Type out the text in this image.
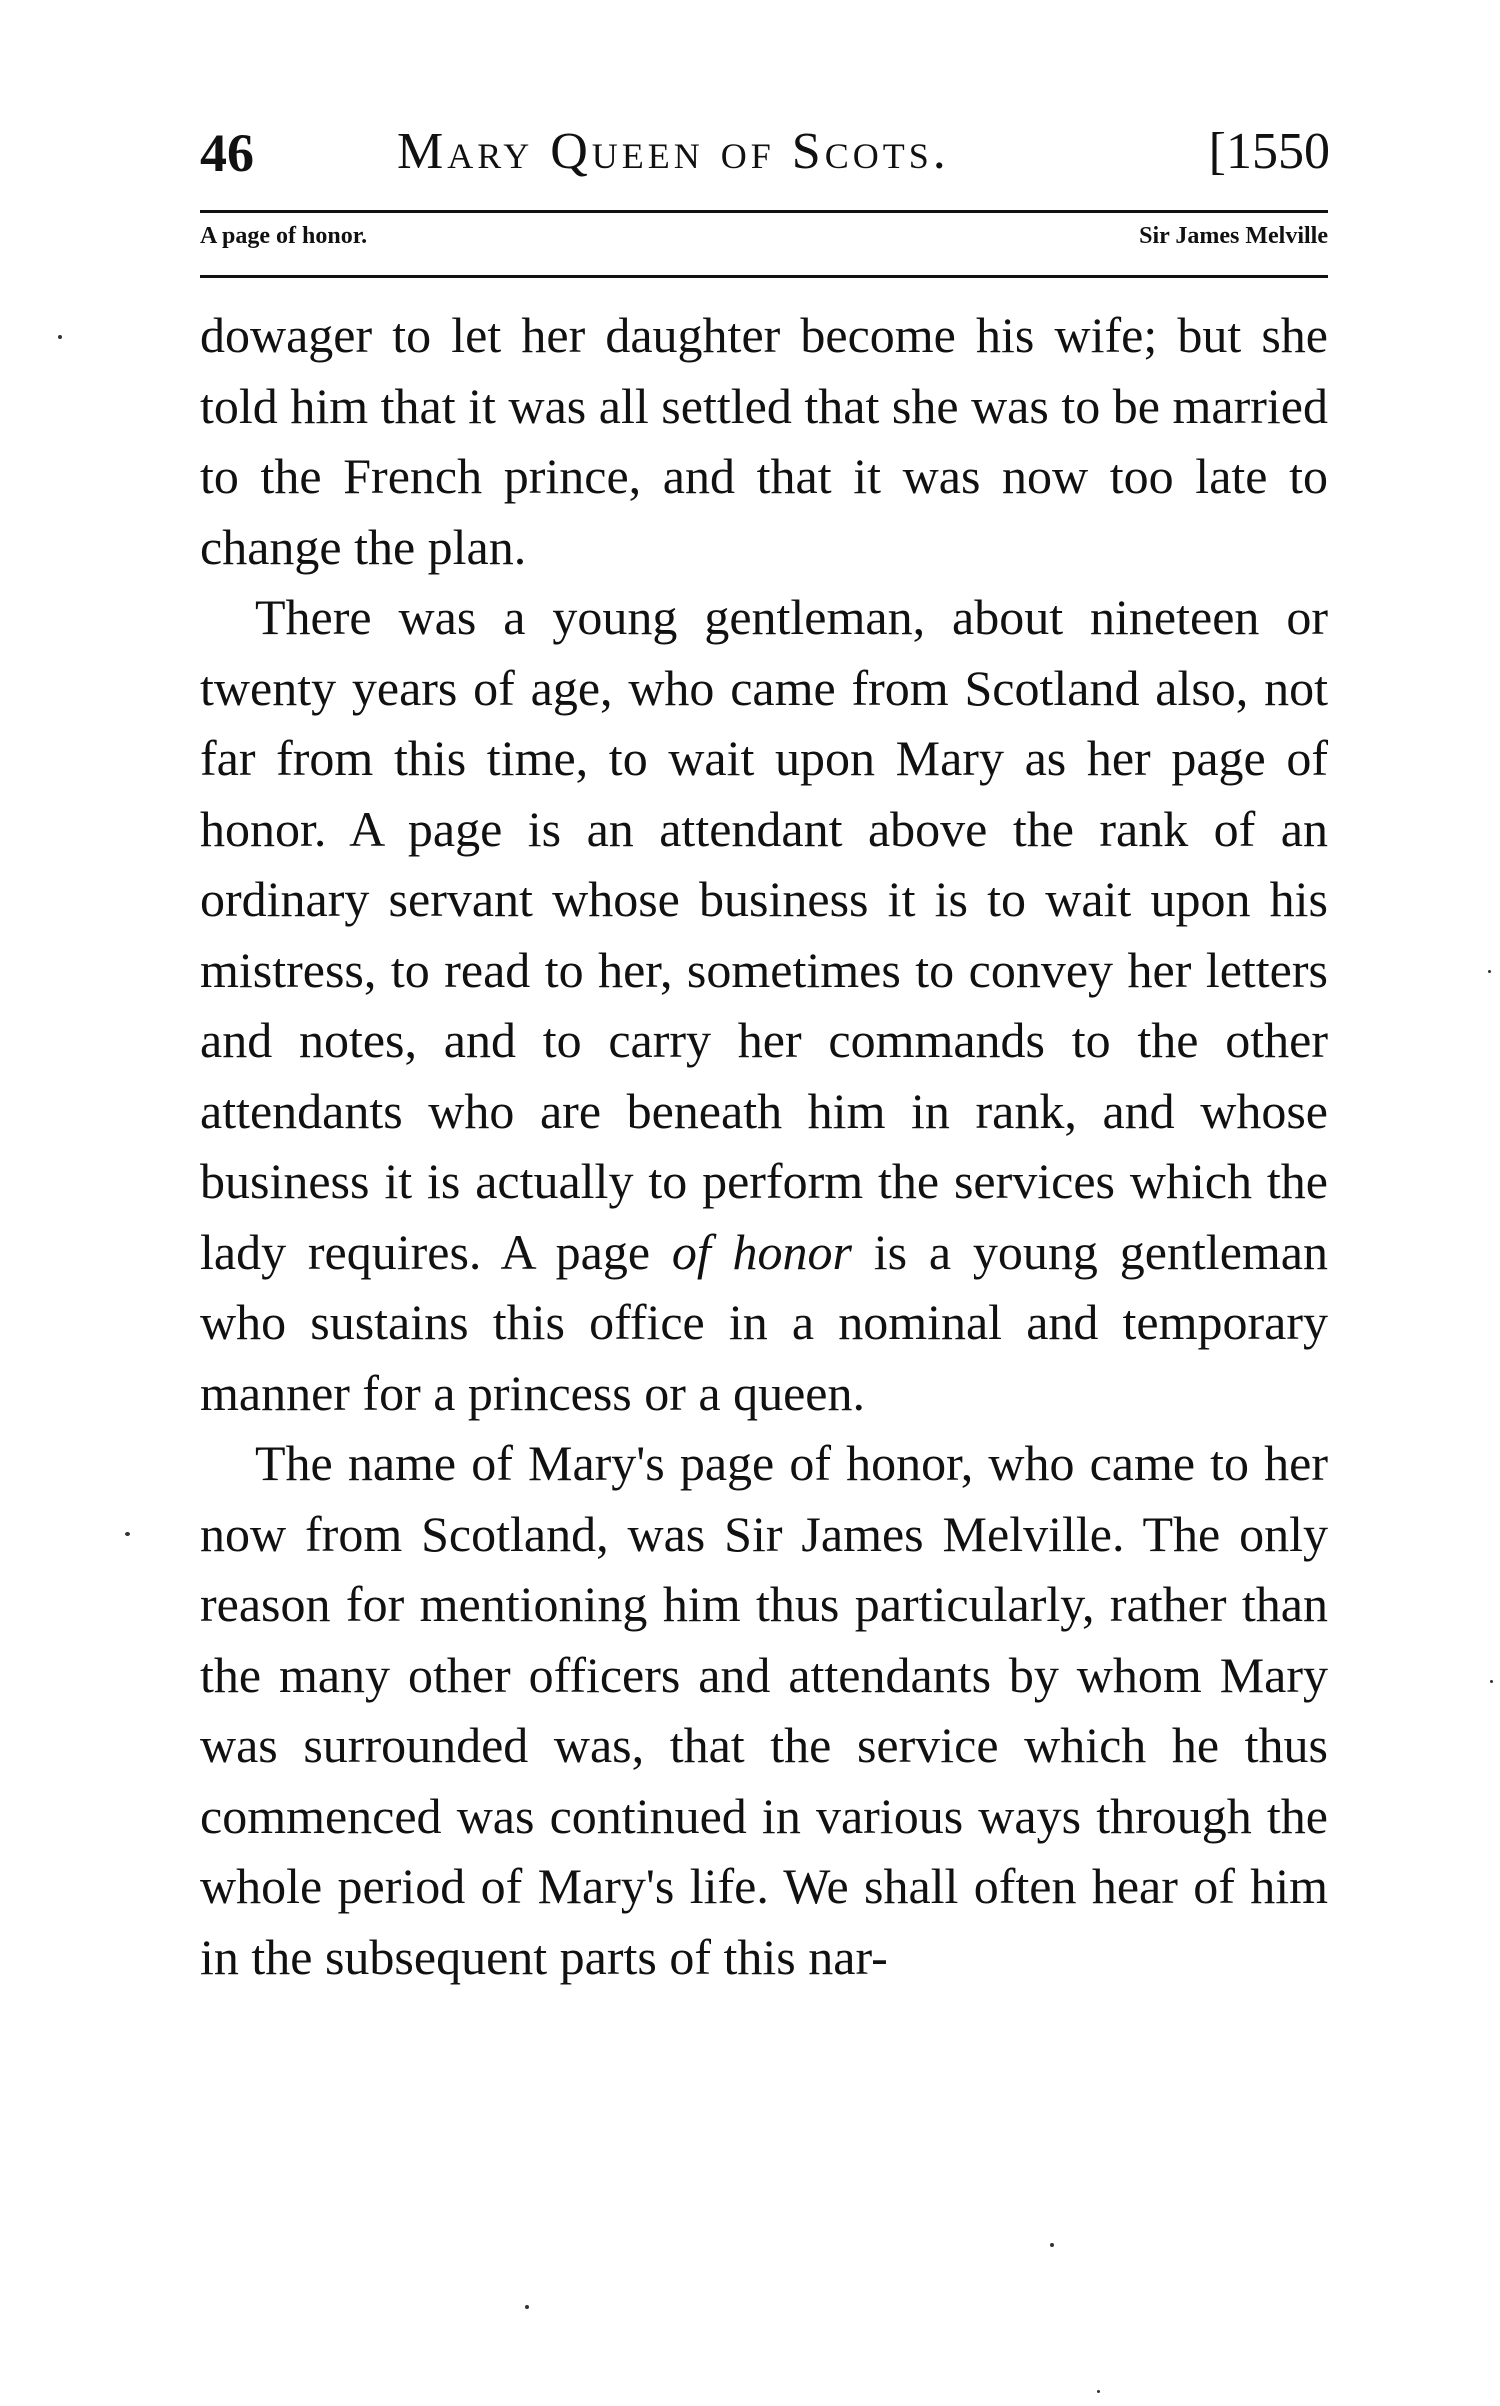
46	Mary Queen of Scots.	[1550
A page of honor.	Sir James Melville

dowager to let her daughter become his wife; but she told him that it was all settled that she was to be married to the French prince, and that it was now too late to change the plan.

There was a young gentleman, about nineteen or twenty years of age, who came from Scotland also, not far from this time, to wait upon Mary as her page of honor. A page is an attendant above the rank of an ordinary servant whose business it is to wait upon his mistress, to read to her, sometimes to convey her letters and notes, and to carry her commands to the other attendants who are beneath him in rank, and whose business it is actually to perform the services which the lady requires. A page of honor is a young gentleman who sustains this office in a nominal and temporary manner for a princess or a queen.

The name of Mary's page of honor, who came to her now from Scotland, was Sir James Melville. The only reason for mentioning him thus particularly, rather than the many other officers and attendants by whom Mary was surrounded was, that the service which he thus commenced was continued in various ways through the whole period of Mary's life. We shall often hear of him in the subsequent parts of this nar-
